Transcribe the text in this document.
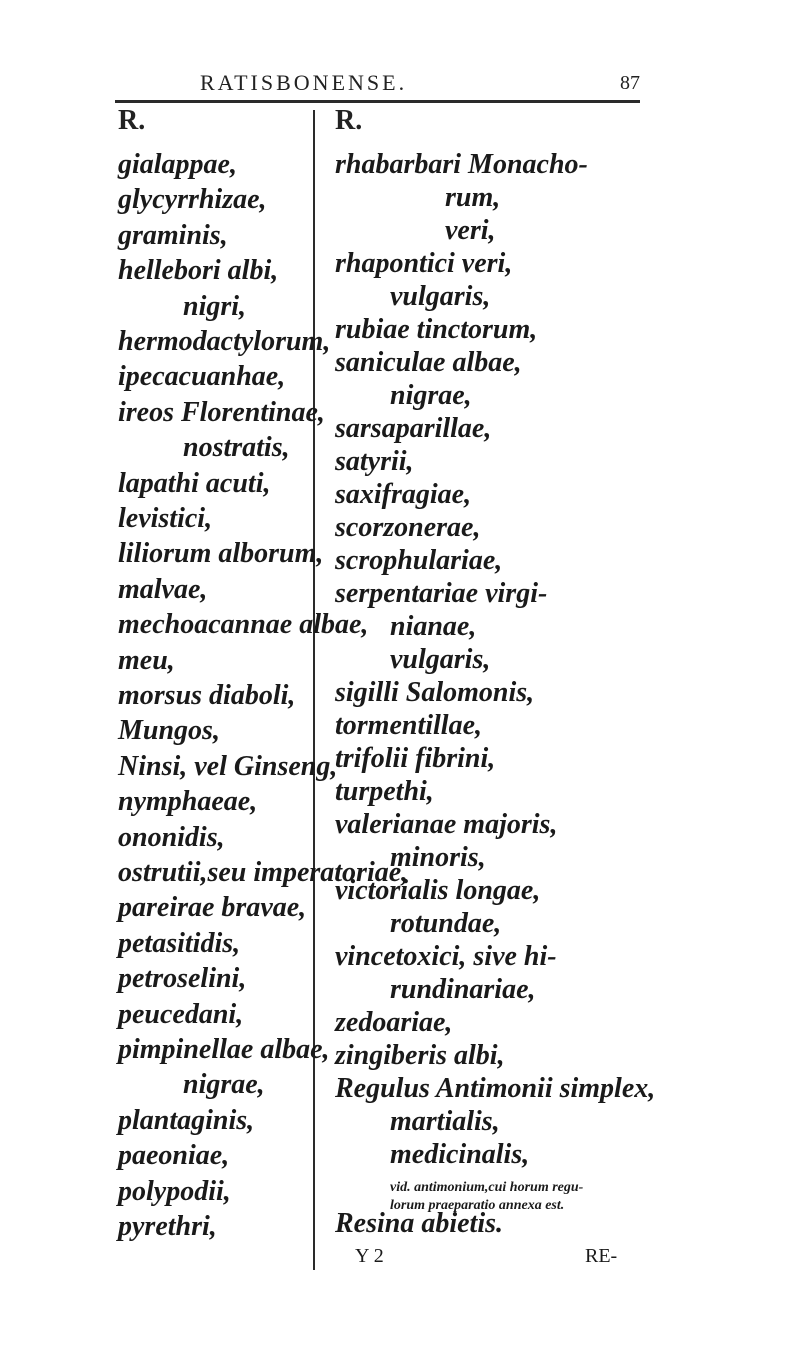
RATISBONENSE.	87
R.	R.
gialappae,
glycyrrhizae,
graminis,
hellebori albi,
nigri,
hermodactylorum,
ipecacuanhae,
ireos Florentinae,
nostratis,
lapathi acuti,
levistici,
liliorum alborum,
malvae,
mechoacannae albae,
meu,
morsus diaboli,
Mungos,
Ninsi, vel Ginseng,
nymphaeae,
ononidis,
ostrutii,seu imperatoriae,
pareirae bravae,
petasitidis,
petroselini,
peucedani,
pimpinellae albae,
nigrae,
plantaginis,
paeoniae,
polypodii,
pyrethri,
rhabarbari Monacho-
rum,
veri,
rhapontici veri,
vulgaris,
rubiae tinctorum,
saniculae albae,
nigrae,
sarsaparillae,
satyrii,
saxifragiae,
scorzonerae,
scrophulariae,
serpentariae virgi-
nianae,
vulgaris,
sigilli Salomonis,
tormentillae,
trifolii fibrini,
turpethi,
valerianae majoris,
minoris,
victorialis longae,
rotundae,
vincetoxici, sive hi-
rundinariae,
zedoariae,
zingiberis albi,
Regulus Antimonii simplex,
martialis,
medicinalis,
vid. antimonium,cui horum regu-
lorum praeparatio annexa est.
Resina abietis.
Y 2	RE-
